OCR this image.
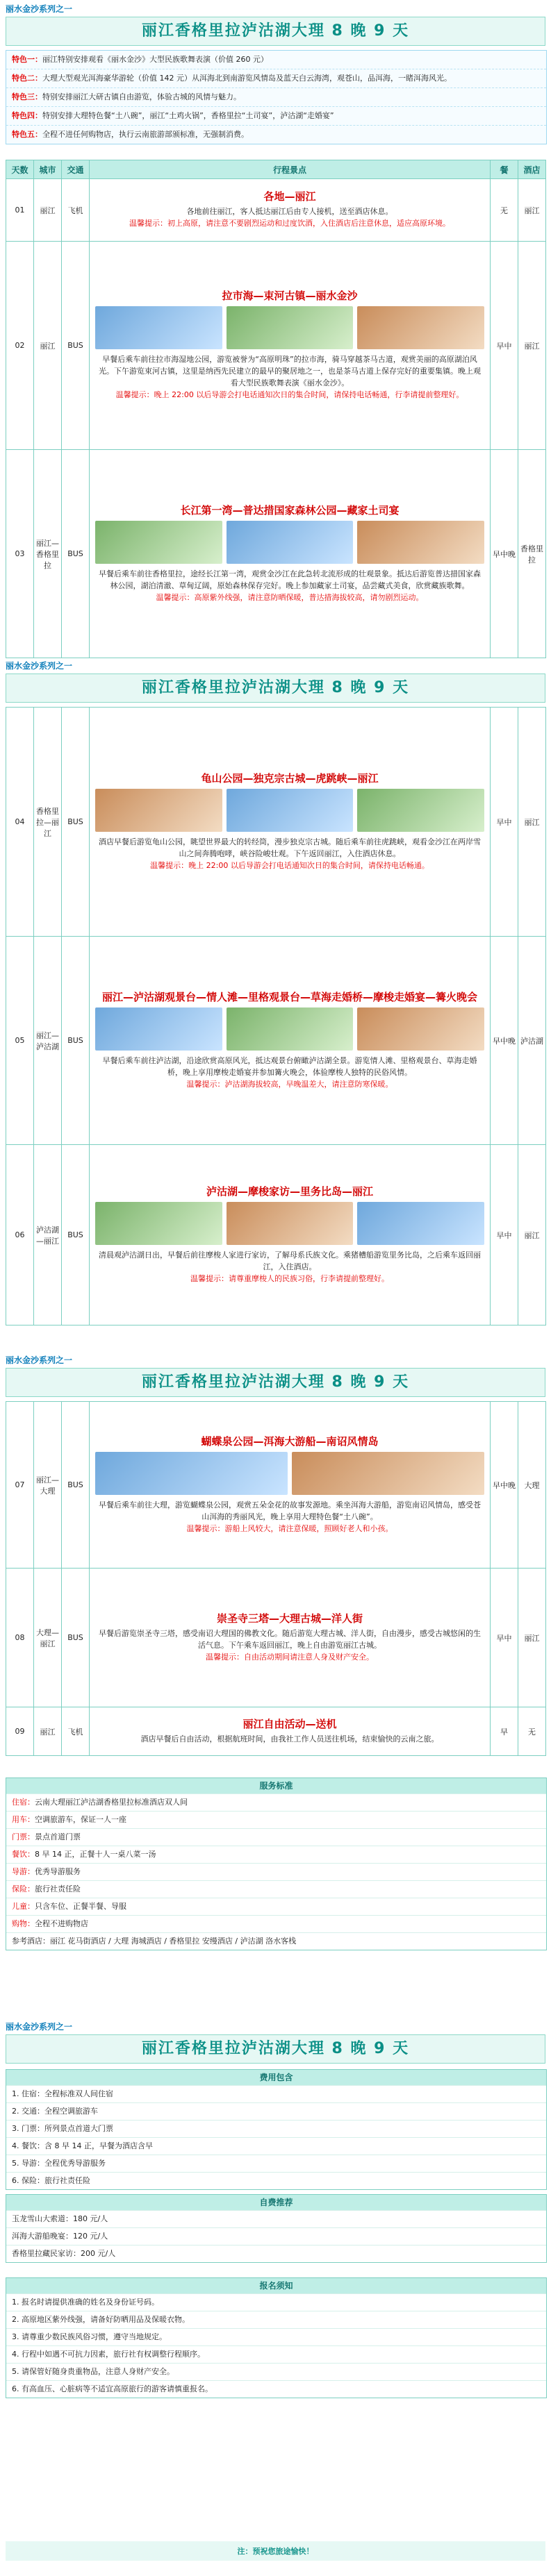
丽水金沙系列之一
丽江香格里拉泸沽湖大理 8 晚 9 天
特色一：丽江特别安排观看《丽水金沙》大型民族歌舞表演（价值 260 元）
特色二：大理大型观光洱海豪华游轮（价值 142 元）从洱海北到南游览风情岛及蓝天白云海湾，观苍山，品洱海，一睹洱海风光。
特色三：特别安排丽江大研古镇自由游览，体验古城的风情与魅力。
特色四：特别安排大理特色餐“土八碗”，丽江“土鸡火锅”，香格里拉“土司宴”，泸沽湖“走婚宴”
特色五：全程不进任何购物店，执行云南旅游部颁标准，无强制消费。
天数	城市	交通	行程景点	餐	酒店
01	丽江	飞机	各地—丽江
各地前往丽江，客人抵达丽江后由专人接机，送至酒店休息。
温馨提示：初上高原，请注意不要剧烈运动和过度饮酒，入住酒店后注意休息，适应高原环境。	无	丽江
02	丽江	BUS	拉市海—束河古镇—丽水金沙
早餐后乘车前往拉市海湿地公园，游览被誉为“高原明珠”的拉市海，骑马穿越茶马古道，观赏美丽的高原湖泊风光。下午游览束河古镇，这里是纳西先民建立的最早的聚居地之一，也是茶马古道上保存完好的重要集镇。晚上观看大型民族歌舞表演《丽水金沙》。
温馨提示：晚上 22:00 以后导游会打电话通知次日的集合时间，请保持电话畅通，行李请提前整理好。	早中	丽江
03	丽江—香格里拉	BUS	长江第一湾—普达措国家森林公园—藏家土司宴
早餐后乘车前往香格里拉，途经长江第一湾，观赏金沙江在此急转北流形成的壮观景象。抵达后游览普达措国家森林公园，湖泊清澈、草甸辽阔，原始森林保存完好。晚上参加藏家土司宴，品尝藏式美食，欣赏藏族歌舞。
温馨提示：高原紫外线强，请注意防晒保暖，普达措海拔较高，请勿剧烈运动。	早中晚	香格里拉
丽水金沙系列之一
丽江香格里拉泸沽湖大理 8 晚 9 天
04	香格里拉—丽江	BUS	龟山公园—独克宗古城—虎跳峡—丽江
酒店早餐后游览龟山公园，眺望世界最大的转经筒，漫步独克宗古城。随后乘车前往虎跳峡，观看金沙江在两岸雪山之间奔腾咆哮，峡谷险峻壮观。下午返回丽江，入住酒店休息。
温馨提示：晚上 22:00 以后导游会打电话通知次日的集合时间，请保持电话畅通。	早中	丽江
05	丽江—泸沽湖	BUS	丽江—泸沽湖观景台—情人滩—里格观景台—草海走婚桥—摩梭走婚宴—篝火晚会
早餐后乘车前往泸沽湖，沿途欣赏高原风光，抵达观景台俯瞰泸沽湖全景。游览情人滩、里格观景台、草海走婚桥，晚上享用摩梭走婚宴并参加篝火晚会，体验摩梭人独特的民俗风情。
温馨提示：泸沽湖海拔较高，早晚温差大，请注意防寒保暖。	早中晚	泸沽湖
06	泸沽湖—丽江	BUS	泸沽湖—摩梭家访—里务比岛—丽江
清晨观泸沽湖日出，早餐后前往摩梭人家进行家访，了解母系氏族文化。乘猪槽船游览里务比岛，之后乘车返回丽江，入住酒店。
温馨提示：请尊重摩梭人的民族习俗，行李请提前整理好。	早中	丽江
丽水金沙系列之一
丽江香格里拉泸沽湖大理 8 晚 9 天
07	丽江—大理	BUS	蝴蝶泉公园—洱海大游船—南诏风情岛
早餐后乘车前往大理，游览蝴蝶泉公园，观赏五朵金花的故事发源地。乘坐洱海大游船，游览南诏风情岛，感受苍山洱海的秀丽风光，晚上享用大理特色餐“土八碗”。
温馨提示：游船上风较大，请注意保暖，照顾好老人和小孩。	早中晚	大理
08	大理—丽江	BUS	崇圣寺三塔—大理古城—洋人街
早餐后游览崇圣寺三塔，感受南诏大理国的佛教文化。随后游览大理古城、洋人街，自由漫步，感受古城悠闲的生活气息。下午乘车返回丽江，晚上自由游览丽江古城。
温馨提示：自由活动期间请注意人身及财产安全。	早中	丽江
09	丽江	飞机	丽江自由活动—送机
酒店早餐后自由活动，根据航班时间，由我社工作人员送往机场，结束愉快的云南之旅。	早	无
服务标准
住宿：云南大理丽江泸沽湖香格里拉标准酒店双人间
用车：空调旅游车，保证一人一座
门票：景点首道门票
餐饮：8 早 14 正，正餐十人一桌八菜一汤
导游：优秀导游服务
保险：旅行社责任险
儿童：只含车位、正餐半餐、导服
购物：全程不进购物店
参考酒店：丽江 花马街酒店 / 大理 海城酒店 / 香格里拉 安缦酒店 / 泸沽湖 洛水客栈
丽水金沙系列之一
丽江香格里拉泸沽湖大理 8 晚 9 天
费用包含
1. 住宿：全程标准双人间住宿
2. 交通：全程空调旅游车
3. 门票：所列景点首道大门票
4. 餐饮：含 8 早 14 正，早餐为酒店含早
5. 导游：全程优秀导游服务
6. 保险：旅行社责任险
自费推荐
玉龙雪山大索道：180 元/人
洱海大游船晚宴：120 元/人
香格里拉藏民家访：200 元/人
报名须知
1. 报名时请提供准确的姓名及身份证号码。
2. 高原地区紫外线强，请备好防晒用品及保暖衣物。
3. 请尊重少数民族风俗习惯，遵守当地规定。
4. 行程中如遇不可抗力因素，旅行社有权调整行程顺序。
5. 请保管好随身贵重物品，注意人身财产安全。
6. 有高血压、心脏病等不适宜高原旅行的游客请慎重报名。
注：预祝您旅途愉快！
